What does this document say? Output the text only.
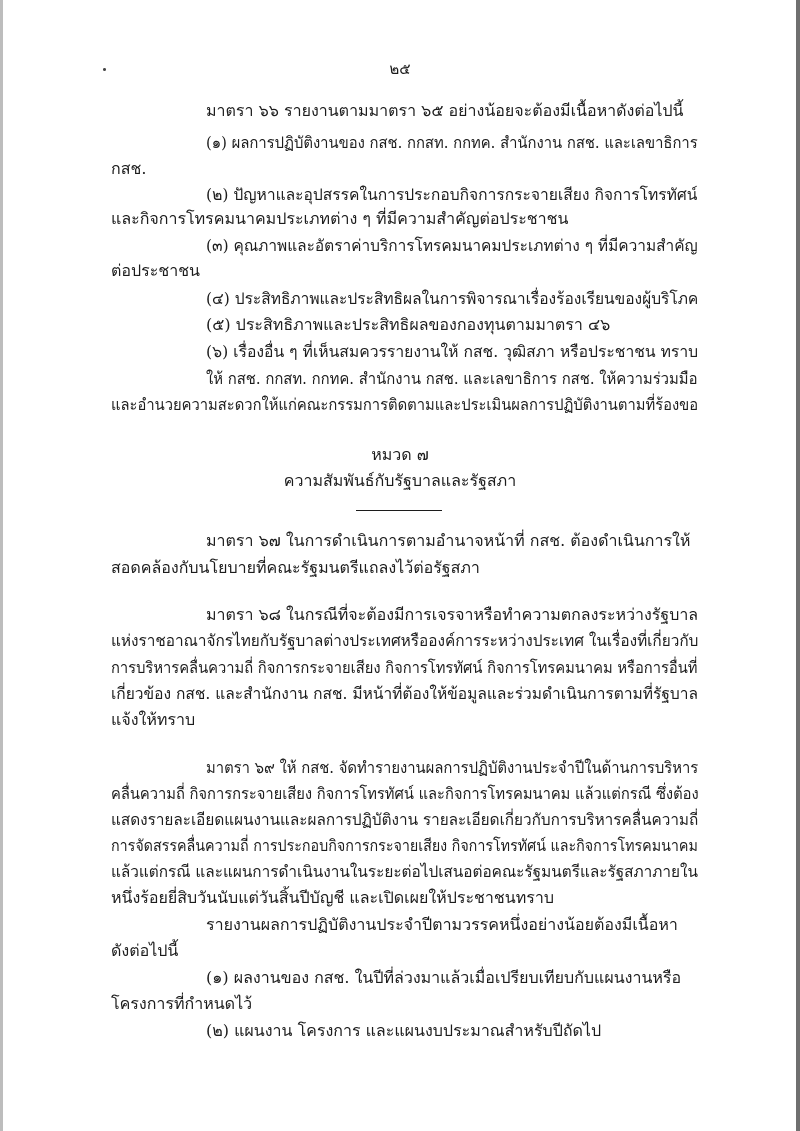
๒๕
มาตรา ๖๖ รายงานตามมาตรา ๖๕ อย่างน้อยจะต้องมีเนื้อหาดังต่อไปนี้
(๑) ผลการปฏิบัติงานของ กสช. กกสท. กกทค. สำนักงาน กสช. และเลขาธิการ
กสช.
(๒) ปัญหาและอุปสรรคในการประกอบกิจการกระจายเสียง กิจการโทรทัศน์
และกิจการโทรคมนาคมประเภทต่าง ๆ ที่มีความสำคัญต่อประชาชน
(๓) คุณภาพและอัตราค่าบริการโทรคมนาคมประเภทต่าง ๆ ที่มีความสำคัญ
ต่อประชาชน
(๔) ประสิทธิภาพและประสิทธิผลในการพิจารณาเรื่องร้องเรียนของผู้บริโภค
(๕) ประสิทธิภาพและประสิทธิผลของกองทุนตามมาตรา ๔๖
(๖) เรื่องอื่น ๆ ที่เห็นสมควรรายงานให้ กสช. วุฒิสภา หรือประชาชน ทราบ
ให้ กสช. กกสท. กกทค. สำนักงาน กสช. และเลขาธิการ กสช. ให้ความร่วมมือ
และอำนวยความสะดวกให้แก่คณะกรรมการติดตามและประเมินผลการปฏิบัติงานตามที่ร้องขอ
หมวด ๗
ความสัมพันธ์กับรัฐบาลและรัฐสภา
มาตรา ๖๗ ในการดำเนินการตามอำนาจหน้าที่ กสช. ต้องดำเนินการให้
สอดคล้องกับนโยบายที่คณะรัฐมนตรีแถลงไว้ต่อรัฐสภา
มาตรา ๖๘ ในกรณีที่จะต้องมีการเจรจาหรือทำความตกลงระหว่างรัฐบาล
แห่งราชอาณาจักรไทยกับรัฐบาลต่างประเทศหรือองค์การระหว่างประเทศ ในเรื่องที่เกี่ยวกับ
การบริหารคลื่นความถี่ กิจการกระจายเสียง กิจการโทรทัศน์ กิจการโทรคมนาคม หรือการอื่นที่
เกี่ยวข้อง กสช. และสำนักงาน กสช. มีหน้าที่ต้องให้ข้อมูลและร่วมดำเนินการตามที่รัฐบาล
แจ้งให้ทราบ
มาตรา ๖๙ ให้ กสช. จัดทำรายงานผลการปฏิบัติงานประจำปีในด้านการบริหาร
คลื่นความถี่ กิจการกระจายเสียง กิจการโทรทัศน์ และกิจการโทรคมนาคม แล้วแต่กรณี ซึ่งต้อง
แสดงรายละเอียดแผนงานและผลการปฏิบัติงาน รายละเอียดเกี่ยวกับการบริหารคลื่นความถี่
การจัดสรรคลื่นความถี่ การประกอบกิจการกระจายเสียง กิจการโทรทัศน์ และกิจการโทรคมนาคม
แล้วแต่กรณี และแผนการดำเนินงานในระยะต่อไปเสนอต่อคณะรัฐมนตรีและรัฐสภาภายใน
หนึ่งร้อยยี่สิบวันนับแต่วันสิ้นปีบัญชี และเปิดเผยให้ประชาชนทราบ
รายงานผลการปฏิบัติงานประจำปีตามวรรคหนึ่งอย่างน้อยต้องมีเนื้อหา
ดังต่อไปนี้
(๑) ผลงานของ กสช. ในปีที่ล่วงมาแล้วเมื่อเปรียบเทียบกับแผนงานหรือ
โครงการที่กำหนดไว้
(๒) แผนงาน โครงการ และแผนงบประมาณสำหรับปีถัดไป
